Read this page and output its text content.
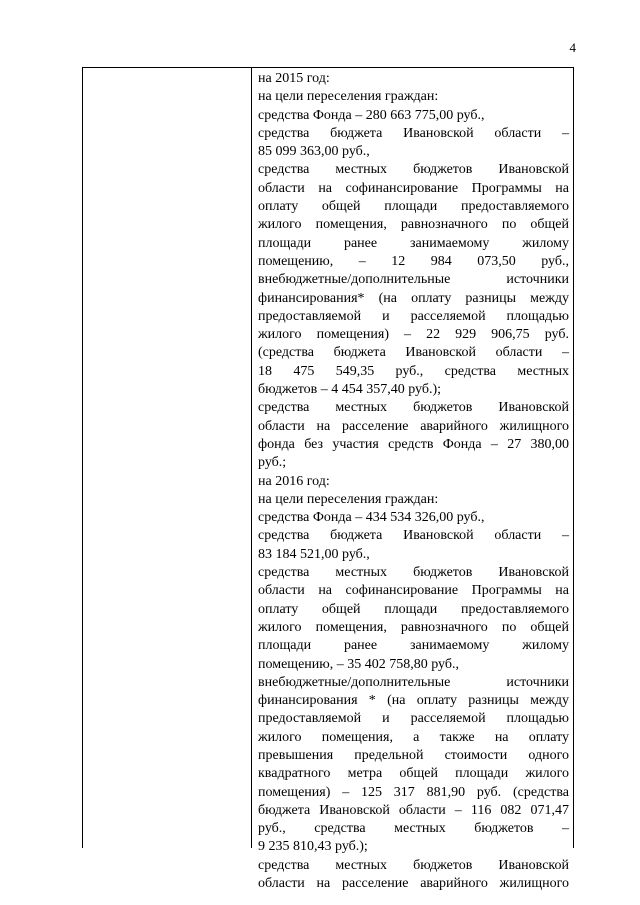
4
на 2015 год:
на цели переселения граждан:
средства Фонда – 280 663 775,00 руб.,
средства бюджета Ивановской области –
85 099 363,00 руб.,
средства местных бюджетов Ивановской
области на софинансирование Программы на
оплату общей площади предоставляемого
жилого помещения, равнозначного по общей
площади ранее занимаемому жилому
помещению, – 12 984 073,50 руб.,
внебюджетные/дополнительные источники
финансирования* (на оплату разницы между
предоставляемой и расселяемой площадью
жилого помещения) – 22 929 906,75 руб.
(средства бюджета Ивановской области –
18 475 549,35 руб., средства местных
бюджетов – 4 454 357,40 руб.);
средства местных бюджетов Ивановской
области на расселение аварийного жилищного
фонда без участия средств Фонда – 27 380,00
руб.;
на 2016 год:
на цели переселения граждан:
средства Фонда – 434 534 326,00 руб.,
средства бюджета Ивановской области –
83 184 521,00 руб.,
средства местных бюджетов Ивановской
области на софинансирование Программы на
оплату общей площади предоставляемого
жилого помещения, равнозначного по общей
площади ранее занимаемому жилому
помещению, – 35 402 758,80 руб.,
внебюджетные/дополнительные источники
финансирования * (на оплату разницы между
предоставляемой и расселяемой площадью
жилого помещения, а также на оплату
превышения предельной стоимости одного
квадратного метра общей площади жилого
помещения) – 125 317 881,90 руб. (средства
бюджета Ивановской области – 116 082 071,47
руб., средства местных бюджетов –
9 235 810,43 руб.);
средства местных бюджетов Ивановской
области на расселение аварийного жилищного
